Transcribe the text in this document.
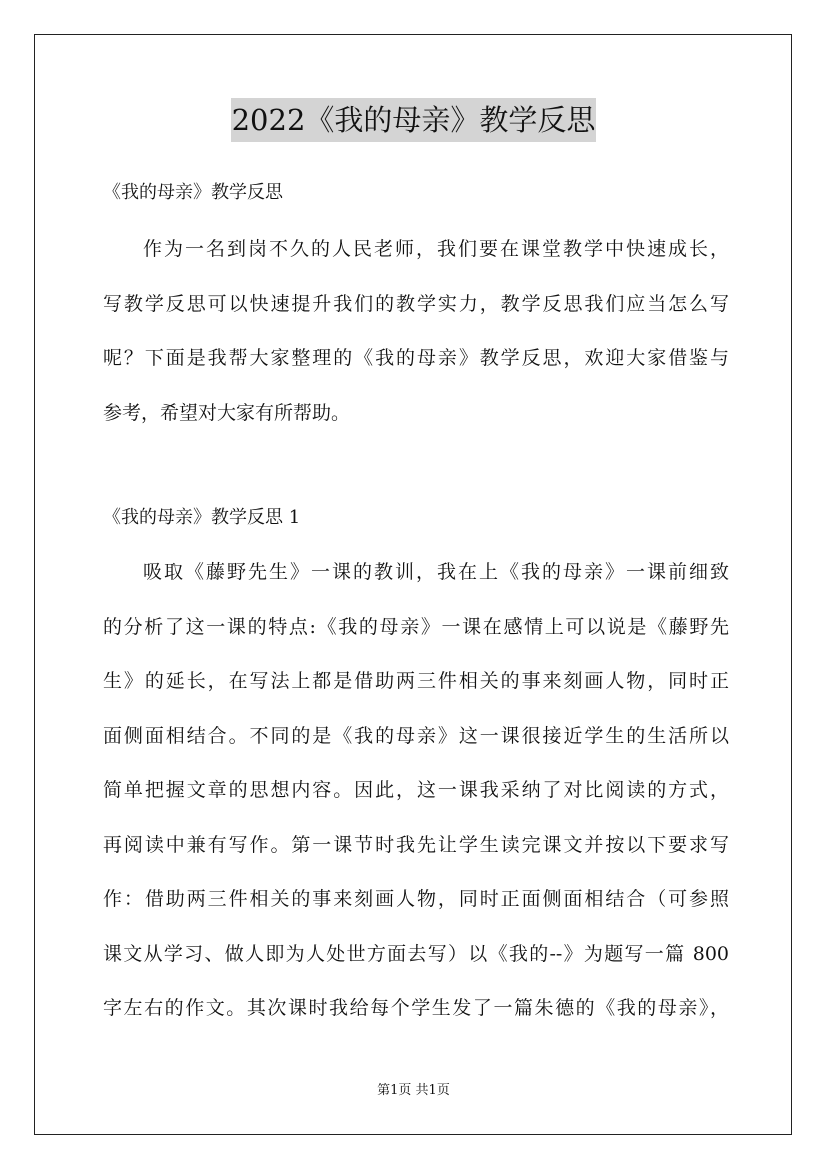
2022《我的母亲》教学反思
《我的母亲》教学反思
作为一名到岗不久的人民老师，我们要在课堂教学中快速成长，
写教学反思可以快速提升我们的教学实力，教学反思我们应当怎么写
呢？下面是我帮大家整理的《我的母亲》教学反思，欢迎大家借鉴与
参考，希望对大家有所帮助。
《我的母亲》教学反思 1
吸取《藤野先生》一课的教训，我在上《我的母亲》一课前细致
的分析了这一课的特点:《我的母亲》一课在感情上可以说是《藤野先
生》的延长，在写法上都是借助两三件相关的事来刻画人物，同时正
面侧面相结合。不同的是《我的母亲》这一课很接近学生的生活所以
简单把握文章的思想内容。因此，这一课我采纳了对比阅读的方式，
再阅读中兼有写作。第一课节时我先让学生读完课文并按以下要求写
作：借助两三件相关的事来刻画人物，同时正面侧面相结合（可参照
课文从学习、做人即为人处世方面去写）以《我的--》为题写一篇 800
字左右的作文。其次课时我给每个学生发了一篇朱德的《我的母亲》，
第1页 共1页
